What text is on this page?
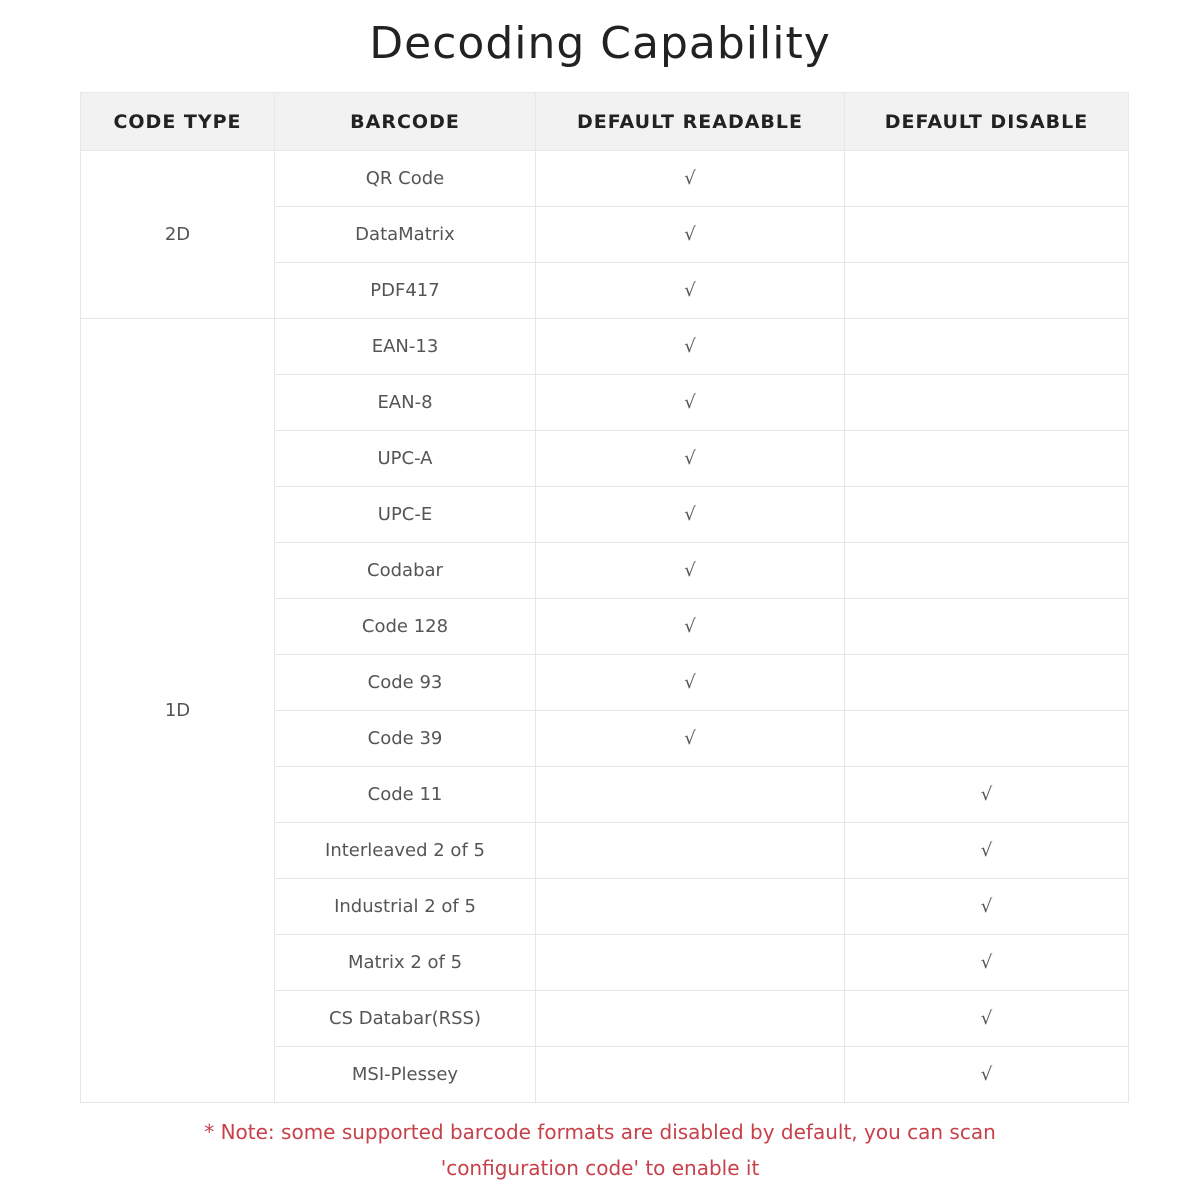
Decoding Capability
CODE TYPE	BARCODE	DEFAULT READABLE	DEFAULT DISABLE
2D	QR Code	√	
	DataMatrix	√	
	PDF417	√	
1D	EAN-13	√	
	EAN-8	√	
	UPC-A	√	
	UPC-E	√	
	Codabar	√	
	Code 128	√	
	Code 93	√	
	Code 39	√	
	Code 11		√
	Interleaved 2 of 5		√
	Industrial 2 of 5		√
	Matrix 2 of 5		√
	CS Databar(RSS)		√
	MSI-Plessey		√
* Note: some supported barcode formats are disabled by default, you can scan
'configuration code' to enable it
